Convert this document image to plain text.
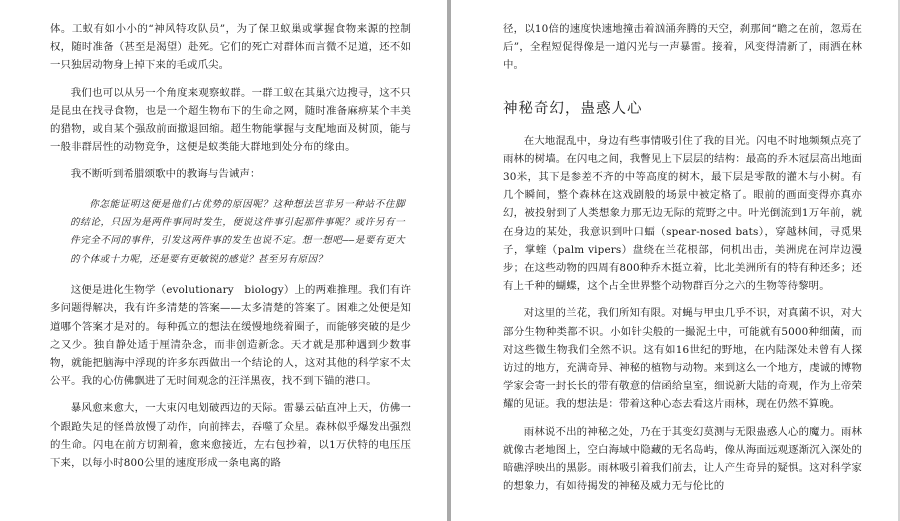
体。工蚁有如小小的“神风特攻队员”，为了保卫蚁巢或掌握食物来源的控制权，随时准备（甚至是渴望）赴死。它们的死亡对群体而言微不足道，还不如一只独居动物身上掉下来的毛或爪尖。

我们也可以从另一个角度来观察蚁群。一群工蚁在其巢穴边搜寻，这不只是昆虫在找寻食物，也是一个超生物布下的生命之网，随时准备麻痹某个丰美的猎物，或自某个强敌前面撤退回缩。超生物能掌握与支配地面及树顶，能与一般非群居性的动物竞争，这便是蚁类能大群地到处分布的缘由。

我不断听到希腊颂歌中的教诲与告诫声：

你怎能证明这便是他们占优势的原因呢？这种想法岂非另一种站不住脚的结论，只因为是两件事同时发生，便说这件事引起那件事呢？或许另有一件完全不同的事件，引发这两件事的发生也说不定。想一想吧——是要有更大的个体或十力呢，还是要有更敏锐的感觉？甚至另有原因？

这便是进化生物学（evolutionary　biology）上的两难推理。我们有许多问题得解决，我有许多清楚的答案——太多清楚的答案了。困难之处便是知道哪个答案才是对的。每种孤立的想法在缓慢地绕着圈子，而能够突破的是少之又少。独自静处适于厘清杂念，而非创造新念。天才就是那种遇到少数事物，就能把脑海中浮现的许多东西做出一个结论的人，这对其他的科学家不太公平。我的心仿佛飘进了无时间观念的汪洋黑夜，找不到下锚的港口。

暴风愈来愈大，一大束闪电划破西边的天际。雷暴云砧直冲上天，仿佛一个跟跄失足的怪兽放慢了动作，向前摔去，吞噬了众星。森林似乎爆发出强烈的生命。闪电在前方切割着，愈来愈接近，左右包抄着，以1万伏特的电压压下来，以每小时800公里的速度形成一条电离的路

径，以10倍的速度快速地撞击着汹涌奔腾的天空，刹那间“瞻之在前，忽焉在后”，全程短促得像是一道闪光与一声暴雷。接着，风变得清新了，雨洒在林中。

神秘奇幻，蛊惑人心

在大地混乱中，身边有些事情吸引住了我的目光。闪电不时地频频点亮了雨林的树墙。在闪电之间，我瞥见上下层层的结构：最高的乔木冠层高出地面30米，其下是参差不齐的中等高度的树木，最下层是零散的灌木与小树。有几个瞬间，整个森林在这戏剧般的场景中被定格了。眼前的画面变得亦真亦幻，被投射到了人类想象力那无边无际的荒野之中。叶光倒流到1万年前，就在身边的某处，我意识到叶口蝠（spear-nosed bats），穿越林间，寻觅果子，掌蝰（palm vipers）盘绕在兰花根部，伺机出击，美洲虎在河岸边漫步；在这些动物的四周有800种乔木挺立着，比北美洲所有的特有种还多；还有上千种的蝴蝶，这个占全世界整个动物群百分之六的生物等待黎明。

对这里的兰花，我们所知有限。对蝇与甲虫几乎不识，对真菌不识，对大部分生物种类都不识。小如针尖般的一撮泥土中，可能就有5000种细菌，而对这些微生物我们全然不识。这有如16世纪的野地，在内陆深处未曾有人探访过的地方，充满奇异、神秘的植物与动物。来到这么一个地方，虔诚的博物学家会寄一封长长的带有敬意的信函给皇室，细说新大陆的奇观，作为上帝荣耀的见证。我的想法是：带着这种心态去看这片雨林，现在仍然不算晚。

雨林说不出的神秘之处，乃在于其变幻莫测与无限蛊惑人心的魔力。雨林就像古老地图上，空白海域中隐藏的无名岛屿，像从海面远观逐渐沉入深处的暗礁浮映出的黑影。雨林吸引着我们前去，让人产生奇异的疑惧。这对科学家的想象力，有如待揭发的神秘及威力无与伦比的
